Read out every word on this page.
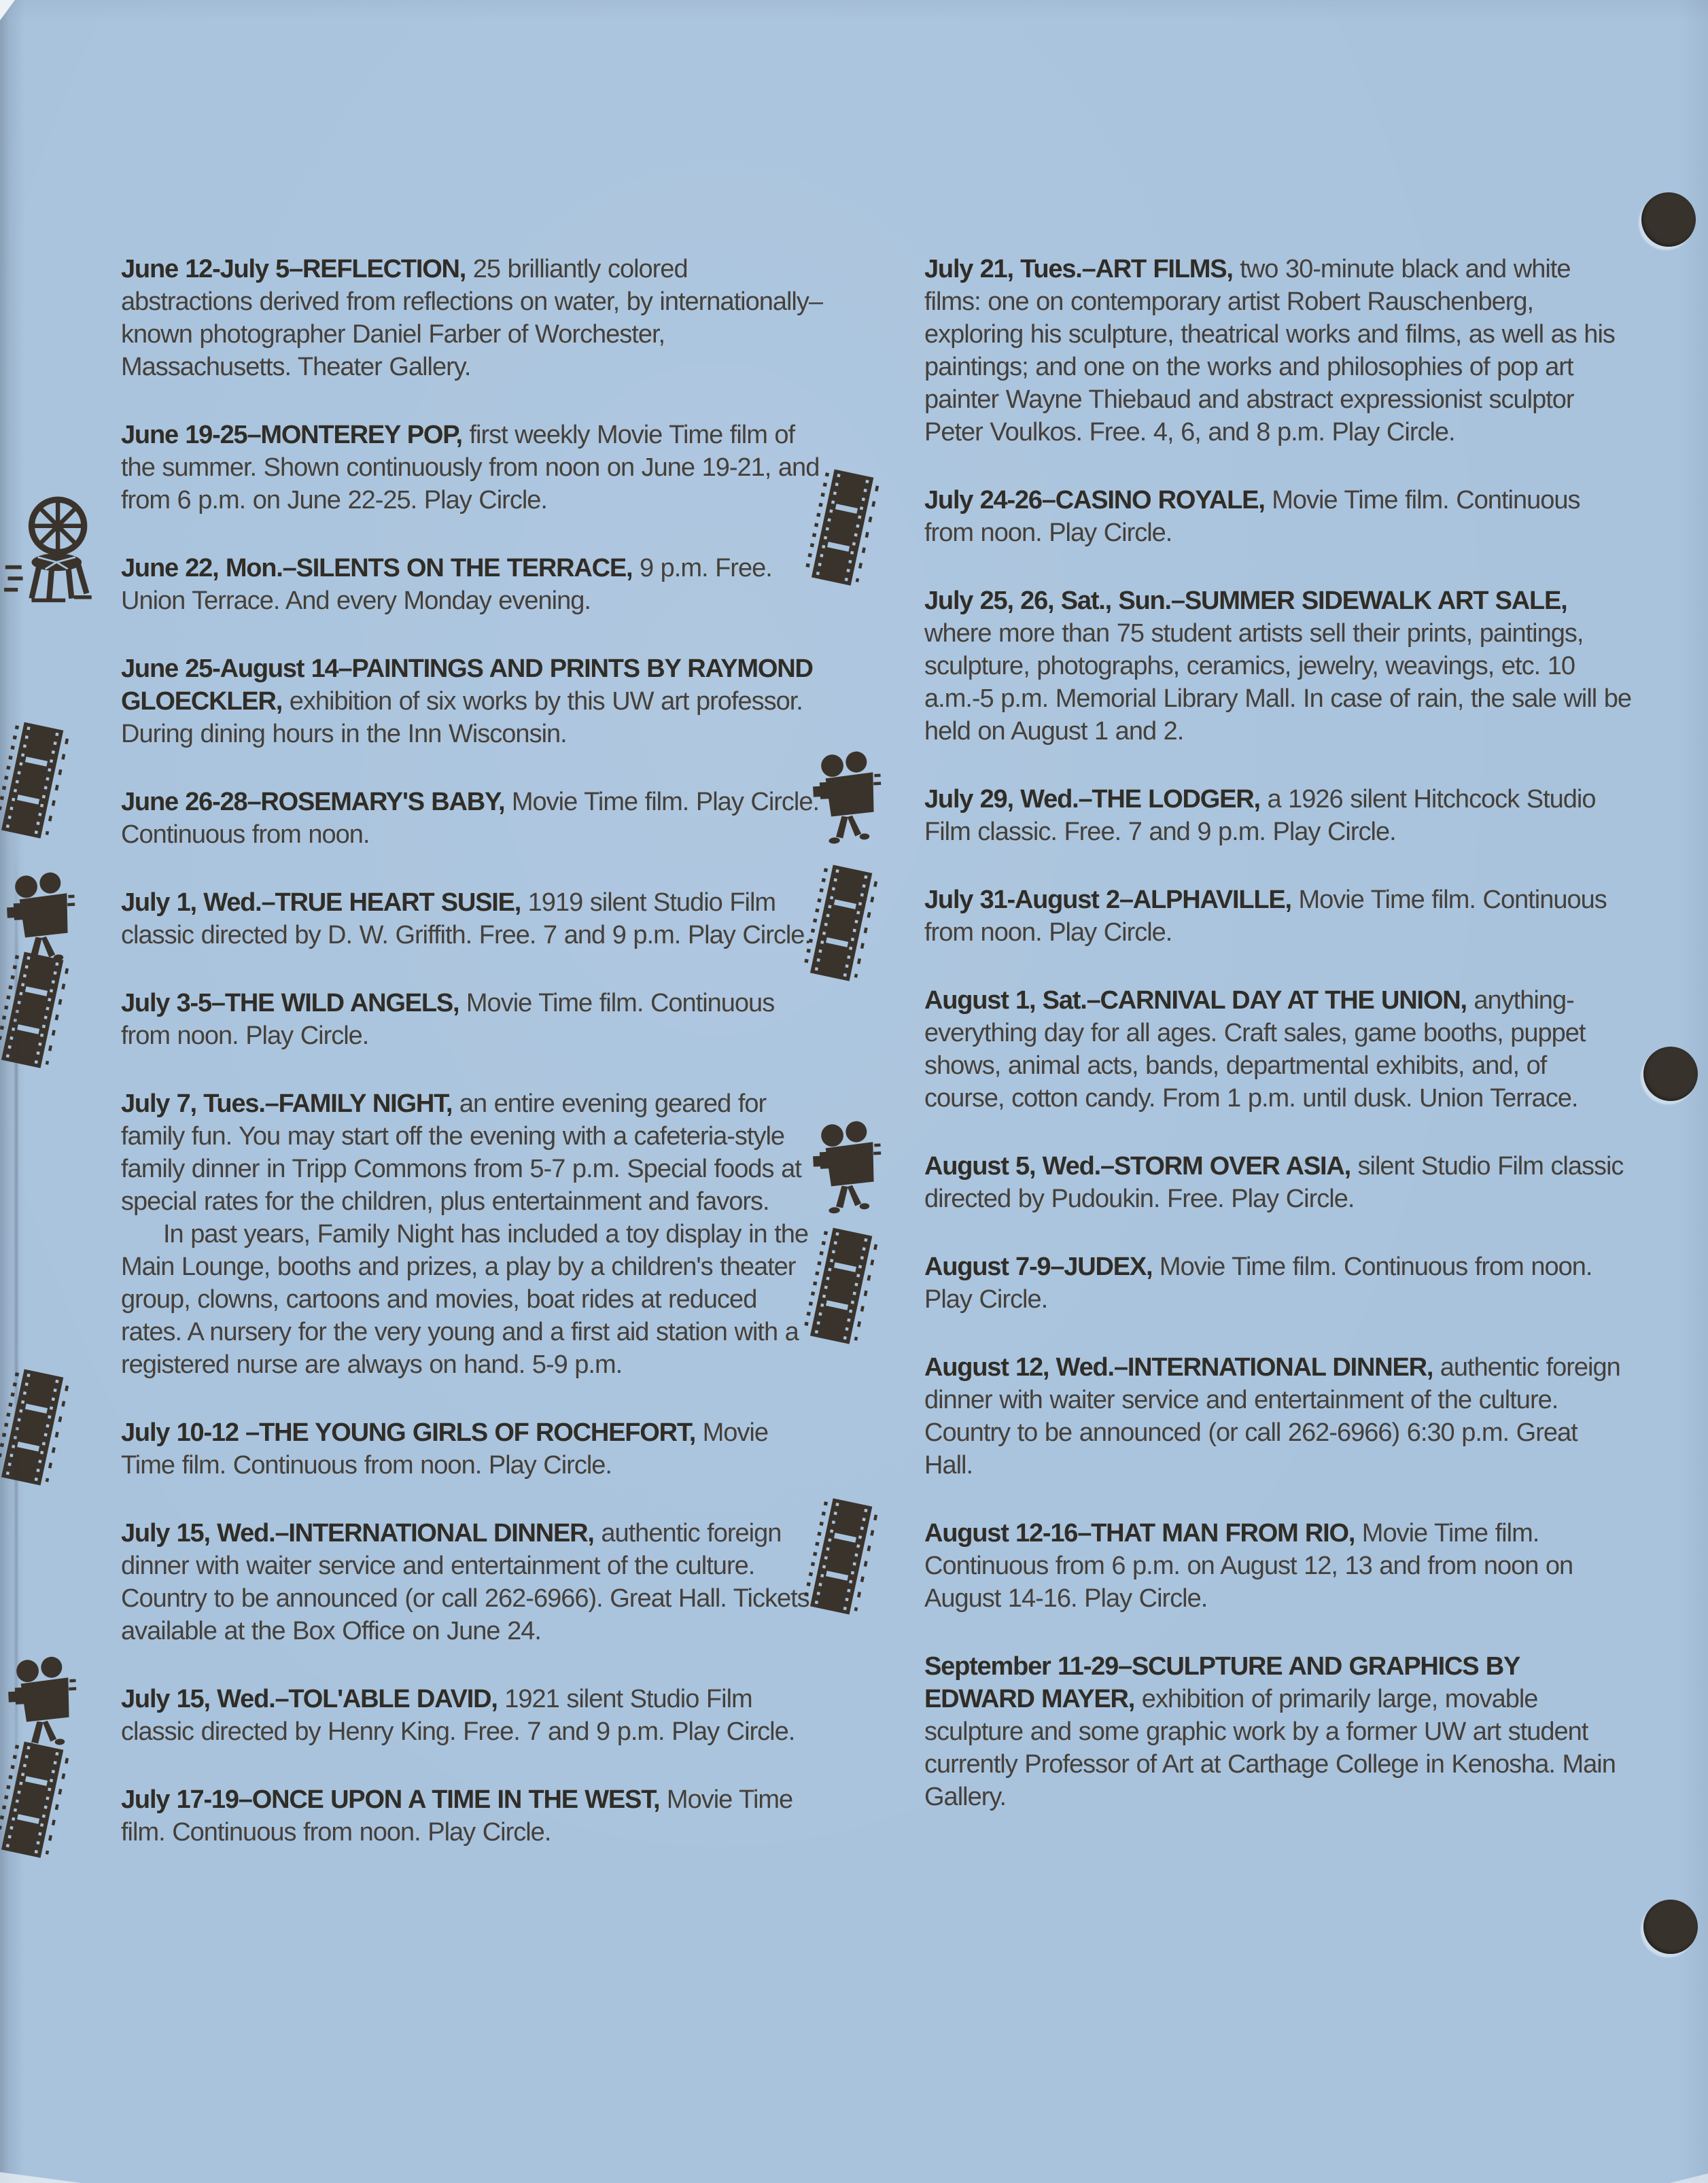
June 12-July 5–REFLECTION, 25 brilliantly colored abstractions derived from reflections on water, by internationally–known photographer Daniel Farber of Worchester, Massachusetts. Theater Gallery.

June 19-25–MONTEREY POP, first weekly Movie Time film of the summer. Shown continuously from noon on June 19-21, and from 6 p.m. on June 22-25. Play Circle.

June 22, Mon.–SILENTS ON THE TERRACE, 9 p.m. Free. Union Terrace. And every Monday evening.

June 25-August 14–PAINTINGS AND PRINTS BY RAYMOND GLOECKLER, exhibition of six works by this UW art professor. During dining hours in the Inn Wisconsin.

June 26-28–ROSEMARY'S BABY, Movie Time film. Play Circle. Continuous from noon.

July 1, Wed.–TRUE HEART SUSIE, 1919 silent Studio Film classic directed by D. W. Griffith. Free. 7 and 9 p.m. Play Circle.

July 3-5–THE WILD ANGELS, Movie Time film. Continuous from noon. Play Circle.

July 7, Tues.–FAMILY NIGHT, an entire evening geared for family fun. You may start off the evening with a cafeteria-style family dinner in Tripp Commons from 5-7 p.m. Special foods at special rates for the children, plus entertainment and favors.

In past years, Family Night has included a toy display in the Main Lounge, booths and prizes, a play by a children's theater group, clowns, cartoons and movies, boat rides at reduced rates. A nursery for the very young and a first aid station with a registered nurse are always on hand. 5-9 p.m.

July 10-12 –THE YOUNG GIRLS OF ROCHEFORT, Movie Time film. Continuous from noon. Play Circle.

July 15, Wed.–INTERNATIONAL DINNER, authentic foreign dinner with waiter service and entertainment of the culture. Country to be announced (or call 262-6966). Great Hall. Tickets available at the Box Office on June 24.

July 15, Wed.–TOL'ABLE DAVID, 1921 silent Studio Film classic directed by Henry King. Free. 7 and 9 p.m. Play Circle.

July 17-19–ONCE UPON A TIME IN THE WEST, Movie Time film. Continuous from noon. Play Circle.

July 21, Tues.–ART FILMS, two 30-minute black and white films: one on contemporary artist Robert Rauschenberg, exploring his sculpture, theatrical works and films, as well as his paintings; and one on the works and philosophies of pop art painter Wayne Thiebaud and abstract expressionist sculptor Peter Voulkos. Free. 4, 6, and 8 p.m. Play Circle.

July 24-26–CASINO ROYALE, Movie Time film. Continuous from noon. Play Circle.

July 25, 26, Sat., Sun.–SUMMER SIDEWALK ART SALE, where more than 75 student artists sell their prints, paintings, sculpture, photographs, ceramics, jewelry, weavings, etc. 10 a.m.-5 p.m. Memorial Library Mall. In case of rain, the sale will be held on August 1 and 2.

July 29, Wed.–THE LODGER, a 1926 silent Hitchcock Studio Film classic. Free. 7 and 9 p.m. Play Circle.

July 31-August 2–ALPHAVILLE, Movie Time film. Continuous from noon. Play Circle.

August 1, Sat.–CARNIVAL DAY AT THE UNION, anything-everything day for all ages. Craft sales, game booths, puppet shows, animal acts, bands, departmental exhibits, and, of course, cotton candy. From 1 p.m. until dusk. Union Terrace.

August 5, Wed.–STORM OVER ASIA, silent Studio Film classic directed by Pudoukin. Free. Play Circle.

August 7-9–JUDEX, Movie Time film. Continuous from noon. Play Circle.

August 12, Wed.–INTERNATIONAL DINNER, authentic foreign dinner with waiter service and entertainment of the culture. Country to be announced (or call 262-6966) 6:30 p.m. Great Hall.

August 12-16–THAT MAN FROM RIO, Movie Time film. Continuous from 6 p.m. on August 12, 13 and from noon on August 14-16. Play Circle.

September 11-29–SCULPTURE AND GRAPHICS BY EDWARD MAYER, exhibition of primarily large, movable sculpture and some graphic work by a former UW art student currently Professor of Art at Carthage College in Kenosha. Main Gallery.
